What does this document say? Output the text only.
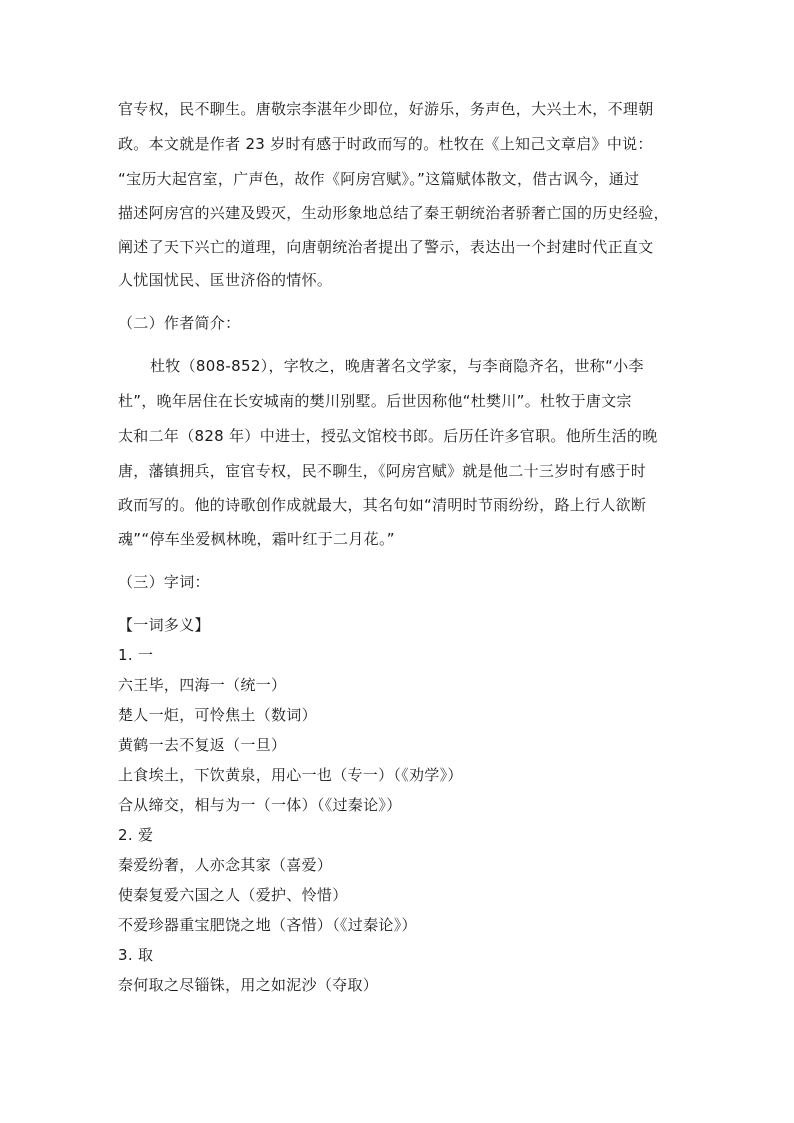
官专权，民不聊生。唐敬宗李湛年少即位，好游乐，务声色，大兴土木，不理朝
政。本文就是作者 23 岁时有感于时政而写的。杜牧在《上知己文章启》中说：
“宝历大起宫室，广声色，故作《阿房宫赋》。”这篇赋体散文，借古讽今，通过
描述阿房宫的兴建及毁灭，生动形象地总结了秦王朝统治者骄奢亡国的历史经验，
阐述了天下兴亡的道理，向唐朝统治者提出了警示，表达出一个封建时代正直文
人忧国忧民、匡世济俗的情怀。
（二）作者简介：
杜牧（808-852），字牧之，晚唐著名文学家，与李商隐齐名，世称“小李
杜”，晚年居住在长安城南的樊川别墅。后世因称他“杜樊川”。杜牧于唐文宗
太和二年（828 年）中进士，授弘文馆校书郎。后历任许多官职。他所生活的晚
唐，藩镇拥兵，宦官专权，民不聊生，《阿房宫赋》就是他二十三岁时有感于时
政而写的。他的诗歌创作成就最大，其名句如“清明时节雨纷纷，路上行人欲断
魂”“停车坐爱枫林晚，霜叶红于二月花。”
（三）字词：
【一词多义】
1. 一
六王毕，四海一（统一）
楚人一炬，可怜焦土（数词）
黄鹤一去不复返（一旦）
上食埃土，下饮黄泉，用心一也（专一）（《劝学》）
合从缔交，相与为一（一体）（《过秦论》）
2. 爱
秦爱纷奢，人亦念其家（喜爱）
使秦复爱六国之人（爱护、怜惜）
不爱珍器重宝肥饶之地（吝惜）（《过秦论》）
3. 取
奈何取之尽锱铢，用之如泥沙（夺取）
